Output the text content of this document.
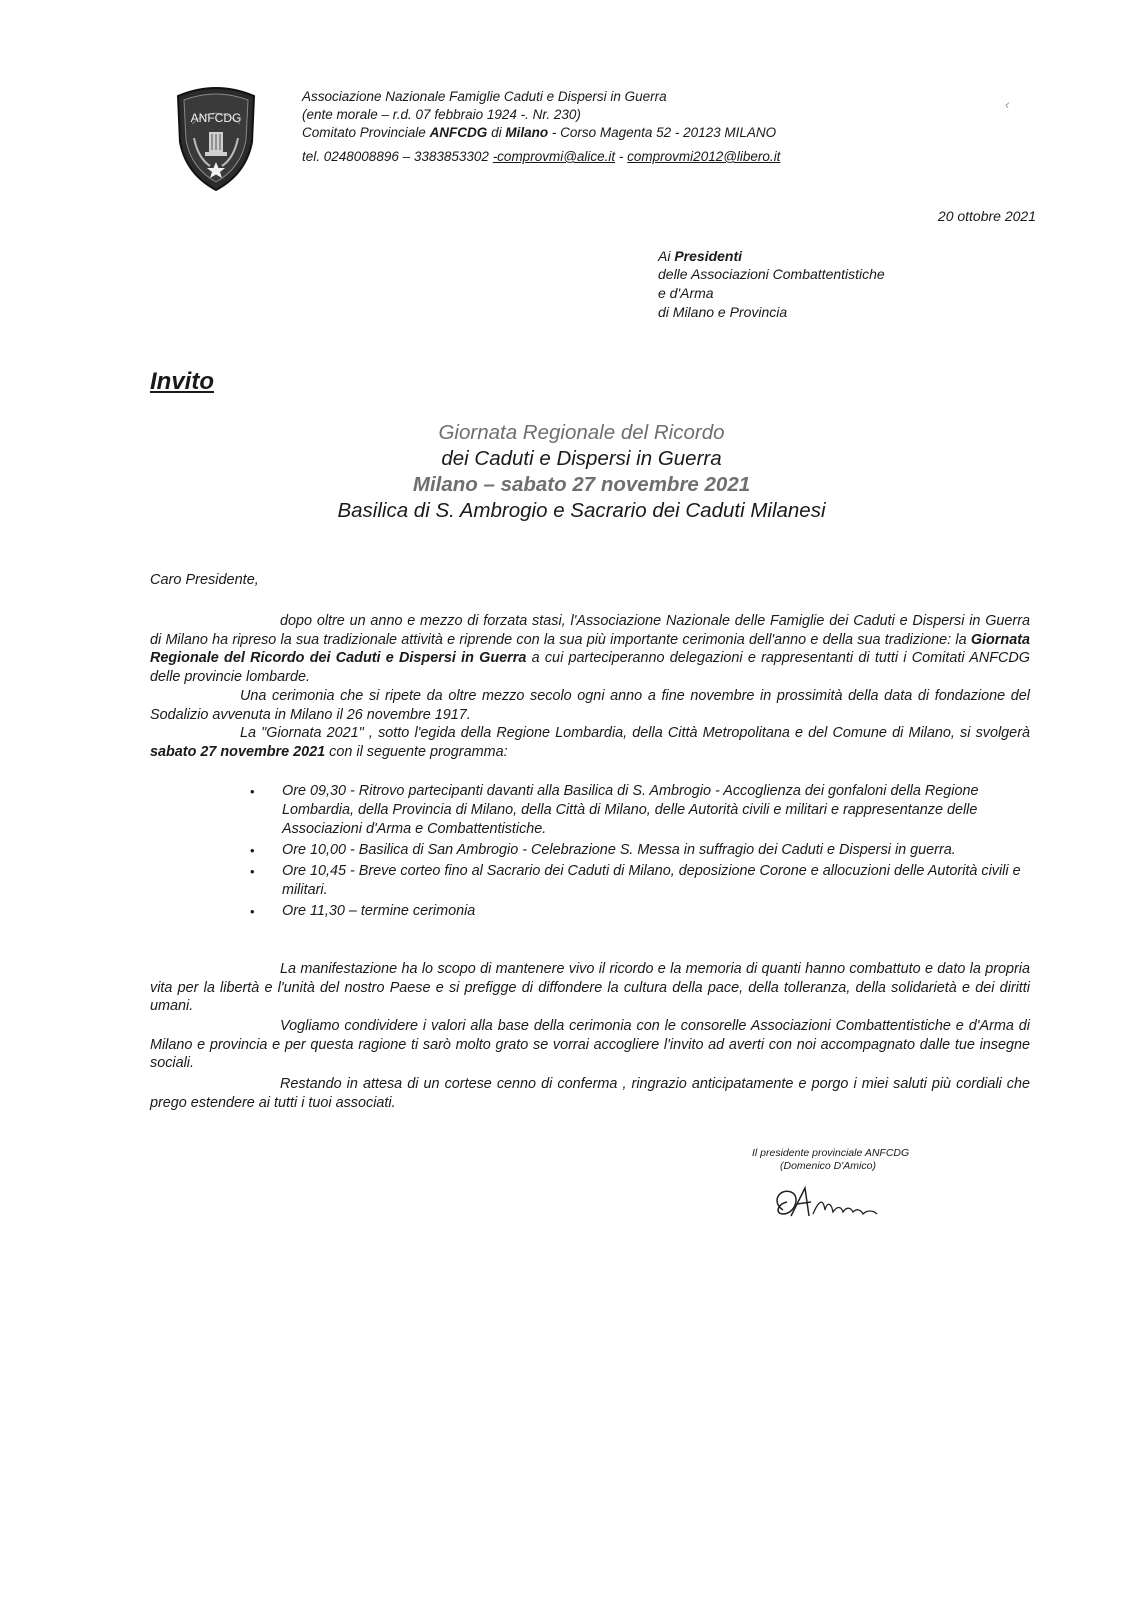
ANFCDG
Associazione Nazionale Famiglie Caduti e Dispersi in Guerra
(ente morale – r.d. 07 febbraio 1924 -. Nr. 230)
Comitato Provinciale ANFCDG di Milano - Corso Magenta 52 - 20123 MILANO
tel. 0248008896 – 3383853302 -comprovmi@alice.it - comprovmi2012@libero.it
‹
20 ottobre 2021
Ai Presidenti
delle Associazioni Combattentistiche
e d'Arma
di Milano e Provincia
Invito
Giornata Regionale del Ricordo
dei Caduti e Dispersi in Guerra
Milano – sabato 27 novembre 2021
Basilica di S. Ambrogio e Sacrario dei Caduti Milanesi
Caro Presidente,
dopo oltre un anno e mezzo di forzata stasi, l'Associazione Nazionale delle Famiglie dei Caduti e Dispersi in Guerra di Milano ha ripreso la sua tradizionale attività e riprende con la sua più importante cerimonia dell'anno e della sua tradizione: la Giornata Regionale del Ricordo dei Caduti e Dispersi in Guerra a cui parteciperanno delegazioni e rappresentanti di tutti i Comitati ANFCDG delle provincie lombarde.
Una cerimonia che si ripete da oltre mezzo secolo ogni anno a fine novembre in prossimità della data di fondazione del Sodalizio avvenuta in Milano il 26 novembre 1917.
La "Giornata 2021" , sotto l'egida della Regione Lombardia, della Città Metropolitana e del Comune di Milano, si svolgerà sabato 27 novembre 2021 con il seguente programma:
• Ore 09,30 - Ritrovo partecipanti davanti alla Basilica di S. Ambrogio - Accoglienza dei gonfaloni della Regione Lombardia, della Provincia di Milano, della Città di Milano, delle Autorità civili e militari e rappresentanze delle Associazioni d'Arma e Combattentistiche.
• Ore 10,00 - Basilica di San Ambrogio - Celebrazione S. Messa in suffragio dei Caduti e Dispersi in guerra.
• Ore 10,45 - Breve corteo fino al Sacrario dei Caduti di Milano, deposizione Corone e allocuzioni delle Autorità civili e militari.
• Ore 11,30 – termine cerimonia
La manifestazione ha lo scopo di mantenere vivo il ricordo e la memoria di quanti hanno combattuto e dato la propria vita per la libertà e l'unità del nostro Paese e si prefigge di diffondere la cultura della pace, della tolleranza, della solidarietà e dei diritti umani.
Vogliamo condividere i valori alla base della cerimonia con le consorelle Associazioni Combattentistiche e d'Arma di Milano e provincia e per questa ragione ti sarò molto grato se vorrai accogliere l'invito ad averti con noi accompagnato dalle tue insegne sociali.
Restando in attesa di un cortese cenno di conferma , ringrazio anticipatamente e porgo i miei saluti più cordiali che prego estendere ai tutti i tuoi associati.
Il presidente provinciale ANFCDG
(Domenico D'Amico)
